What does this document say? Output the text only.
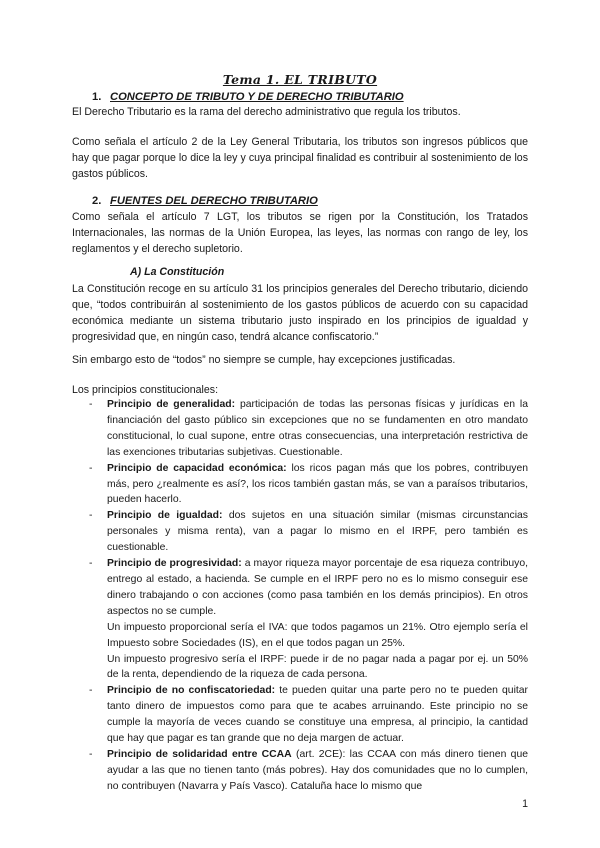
Tema 1. EL TRIBUTO
1. CONCEPTO DE TRIBUTO Y DE DERECHO TRIBUTARIO

El Derecho Tributario es la rama del derecho administrativo que regula los tributos.

Como señala el artículo 2 de la Ley General Tributaria, los tributos son ingresos públicos que hay que pagar porque lo dice la ley y cuya principal finalidad es contribuir al sostenimiento de los gastos públicos.

2. FUENTES DEL DERECHO TRIBUTARIO

Como señala el artículo 7 LGT, los tributos se rigen por la Constitución, los Tratados Internacionales, las normas de la Unión Europea, las leyes, las normas con rango de ley, los reglamentos y el derecho supletorio.

A) La Constitución

La Constitución recoge en su artículo 31 los principios generales del Derecho tributario, diciendo que, “todos contribuirán al sostenimiento de los gastos públicos de acuerdo con su capacidad económica mediante un sistema tributario justo inspirado en los principios de igualdad y progresividad que, en ningún caso, tendrá alcance confiscatorio.”

Sin embargo esto de “todos” no siempre se cumple, hay excepciones justificadas.

Los principios constitucionales:

- Principio de generalidad: participación de todas las personas físicas y jurídicas en la financiación del gasto público sin excepciones que no se fundamenten en otro mandato constitucional, lo cual supone, entre otras consecuencias, una interpretación restrictiva de las exenciones tributarias subjetivas. Cuestionable.
- Principio de capacidad económica: los ricos pagan más que los pobres, contribuyen más, pero ¿realmente es así?, los ricos también gastan más, se van a paraísos tributarios, pueden hacerlo.
- Principio de igualdad: dos sujetos en una situación similar (mismas circunstancias personales y misma renta), van a pagar lo mismo en el IRPF, pero también es cuestionable.
- Principio de progresividad: a mayor riqueza mayor porcentaje de esa riqueza contribuyo, entrego al estado, a hacienda. Se cumple en el IRPF pero no es lo mismo conseguir ese dinero trabajando o con acciones (como pasa también en los demás principios). En otros aspectos no se cumple.
Un impuesto proporcional sería el IVA: que todos pagamos un 21%. Otro ejemplo sería el Impuesto sobre Sociedades (IS), en el que todos pagan un 25%.
Un impuesto progresivo sería el IRPF: puede ir de no pagar nada a pagar por ej. un 50% de la renta, dependiendo de la riqueza de cada persona.
- Principio de no confiscatoriedad: te pueden quitar una parte pero no te pueden quitar tanto dinero de impuestos como para que te acabes arruinando. Este principio no se cumple la mayoría de veces cuando se constituye una empresa, al principio, la cantidad que hay que pagar es tan grande que no deja margen de actuar.
- Principio de solidaridad entre CCAA (art. 2CE): las CCAA con más dinero tienen que ayudar a las que no tienen tanto (más pobres). Hay dos comunidades que no lo cumplen, no contribuyen (Navarra y País Vasco). Cataluña hace lo mismo que
1
